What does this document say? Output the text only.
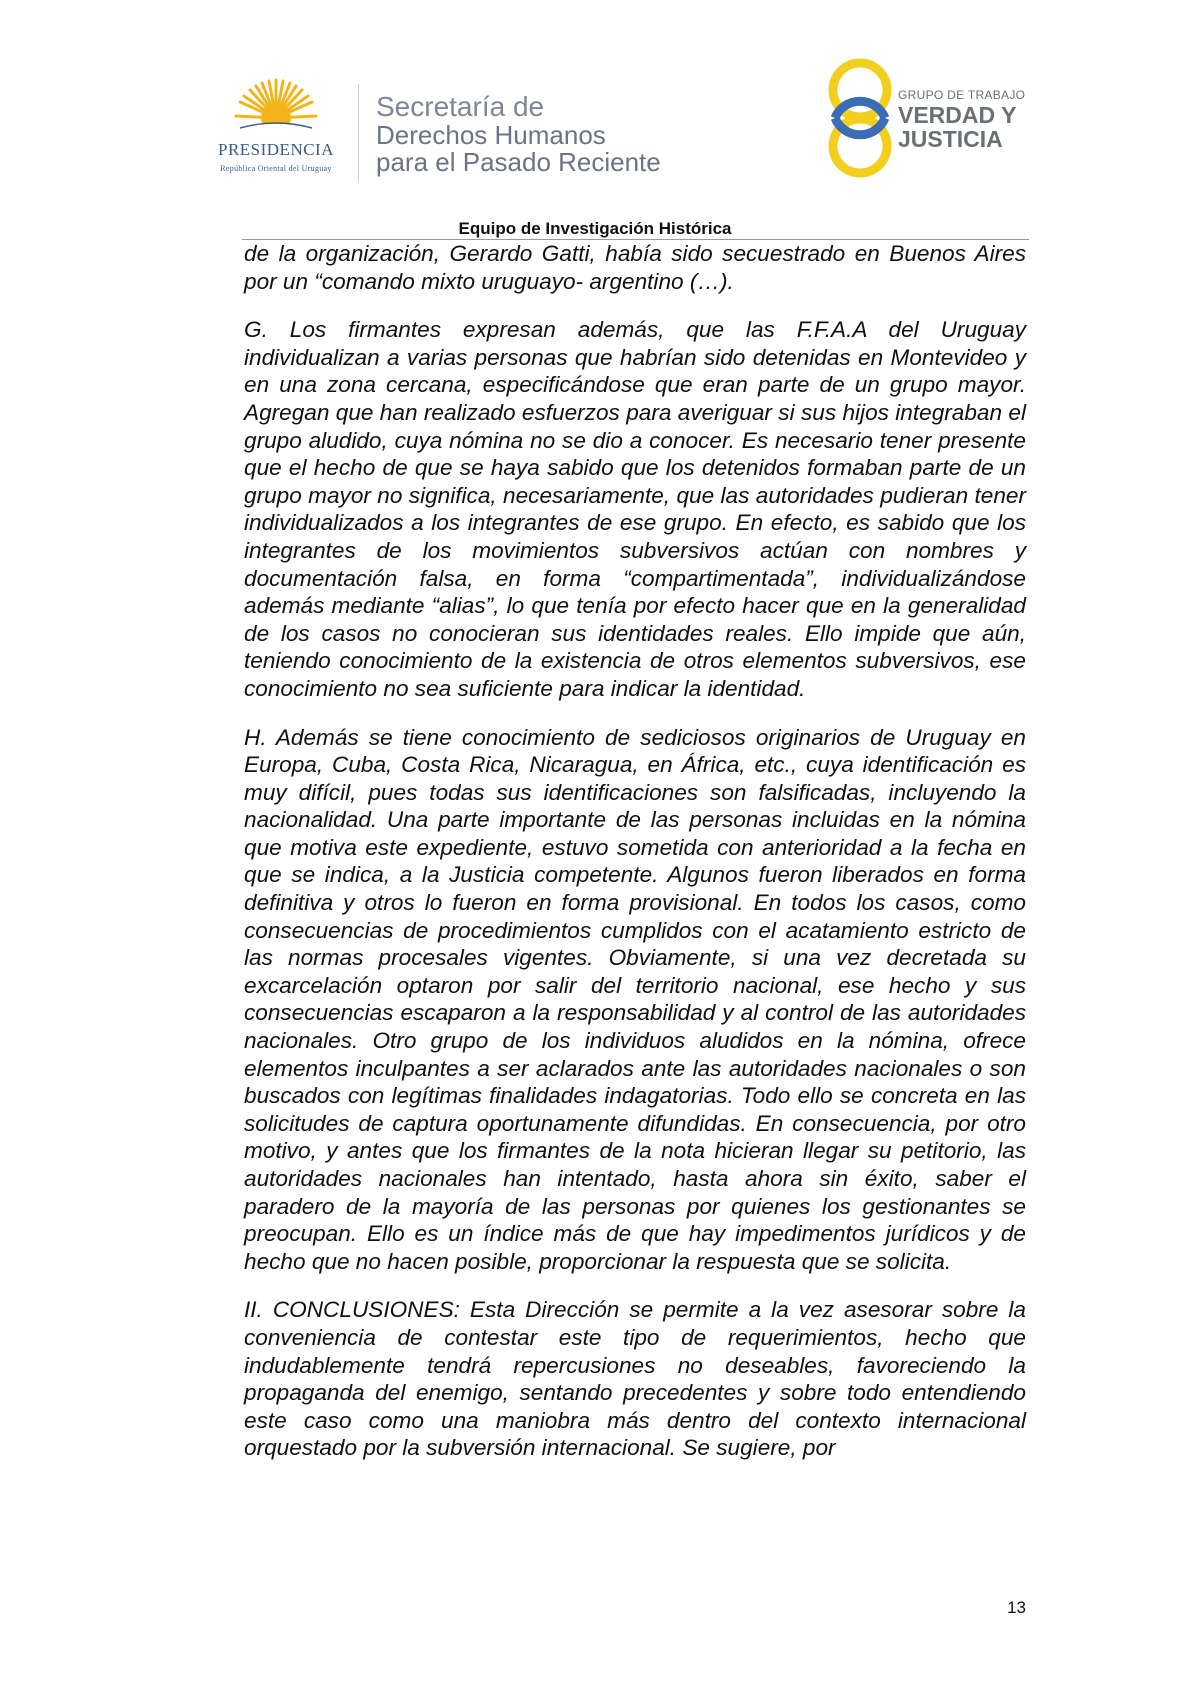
PRESIDENCIA
República Oriental del Uruguay
Secretaría de
Derechos Humanos
para el Pasado Reciente
GRUPO DE TRABAJO
VERDAD Y
JUSTICIA
Equipo de Investigación Histórica

de la organización, Gerardo Gatti, había sido secuestrado en Buenos Aires por un “comando mixto uruguayo- argentino (…).

G. Los firmantes expresan además, que las F.F.A.A del Uruguay individualizan a varias personas que habrían sido detenidas en Montevideo y en una zona cercana, especificándose que eran parte de un grupo mayor. Agregan que han realizado esfuerzos para averiguar si sus hijos integraban el grupo aludido, cuya nómina no se dio a conocer. Es necesario tener presente que el hecho de que se haya sabido que los detenidos formaban parte de un grupo mayor no significa, necesariamente, que las autoridades pudieran tener individualizados a los integrantes de ese grupo. En efecto, es sabido que los integrantes de los movimientos subversivos actúan con nombres y documentación falsa, en forma “compartimentada”, individualizándose además mediante “alias”, lo que tenía por efecto hacer que en la generalidad de los casos no conocieran sus identidades reales. Ello impide que aún, teniendo conocimiento de la existencia de otros elementos subversivos, ese conocimiento no sea suficiente para indicar la identidad.

H. Además se tiene conocimiento de sediciosos originarios de Uruguay en Europa, Cuba, Costa Rica, Nicaragua, en África, etc., cuya identificación es muy difícil, pues todas sus identificaciones son falsificadas, incluyendo la nacionalidad. Una parte importante de las personas incluidas en la nómina que motiva este expediente, estuvo sometida con anterioridad a la fecha en que se indica, a la Justicia competente. Algunos fueron liberados en forma definitiva y otros lo fueron en forma provisional. En todos los casos, como consecuencias de procedimientos cumplidos con el acatamiento estricto de las normas procesales vigentes. Obviamente, si una vez decretada su excarcelación optaron por salir del territorio nacional, ese hecho y sus consecuencias escaparon a la responsabilidad y al control de las autoridades nacionales. Otro grupo de los individuos aludidos en la nómina, ofrece elementos inculpantes a ser aclarados ante las autoridades nacionales o son buscados con legítimas finalidades indagatorias. Todo ello se concreta en las solicitudes de captura oportunamente difundidas. En consecuencia, por otro motivo, y antes que los firmantes de la nota hicieran llegar su petitorio, las autoridades nacionales han intentado, hasta ahora sin éxito, saber el paradero de la mayoría de las personas por quienes los gestionantes se preocupan. Ello es un índice más de que hay impedimentos jurídicos y de hecho que no hacen posible, proporcionar la respuesta que se solicita.

II. CONCLUSIONES: Esta Dirección se permite a la vez asesorar sobre la conveniencia de contestar este tipo de requerimientos, hecho que indudablemente tendrá repercusiones no deseables, favoreciendo la propaganda del enemigo, sentando precedentes y sobre todo entendiendo este caso como una maniobra más dentro del contexto internacional orquestado por la subversión internacional. Se sugiere, por

13
